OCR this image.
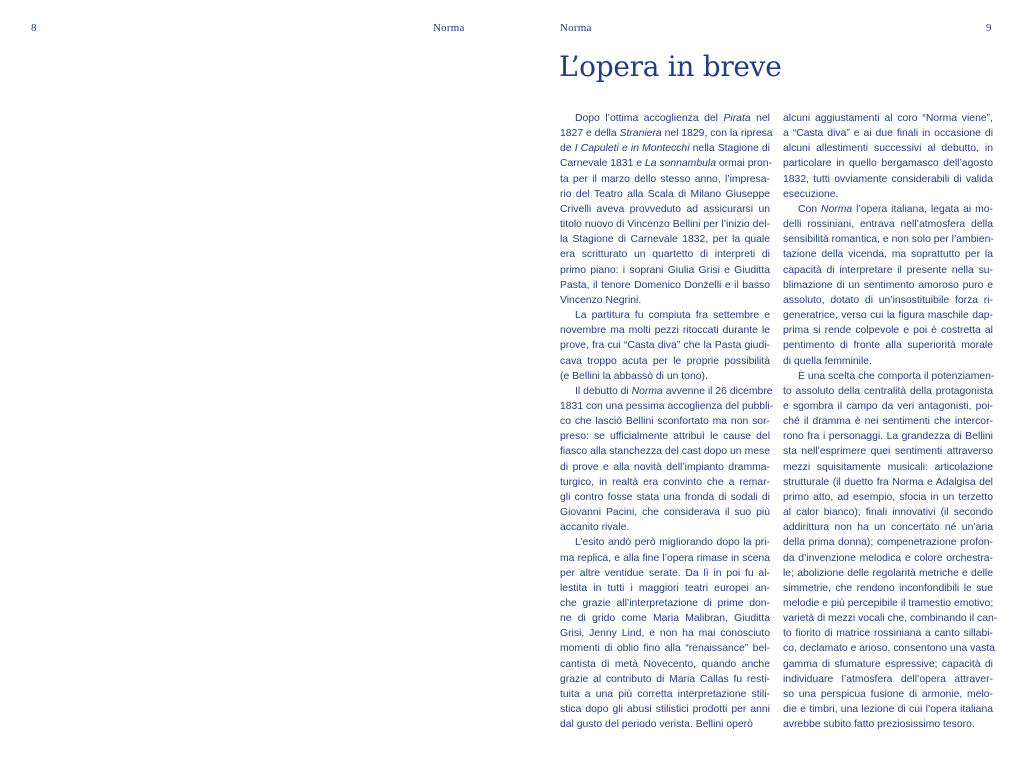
8	Norma	Norma	9
L’opera in breve
Dopo l’ottima accoglienza del Pirata nel
1827 e della Straniera nel 1829, con la ripresa
de I Capuleti e in Montecchi nella Stagione di
Carnevale 1831 e La sonnambula ormai pron-
ta per il marzo dello stesso anno, l’impresa-
rio del Teatro alla Scala di Milano Giuseppe
Crivelli aveva provveduto ad assicurarsi un
titolo nuovo di Vincenzo Bellini per l’inizio del-
la Stagione di Carnevale 1832, per la quale
era scritturato un quartetto di interpreti di
primo piano: i soprani Giulia Grisi e Giuditta
Pasta, il tenore Domenico Donzelli e il basso
Vincenzo Negrini.
La partitura fu compiuta fra settembre e
novembre ma molti pezzi ritoccati durante le
prove, fra cui “Casta diva” che la Pasta giudi-
cava troppo acuta per le proprie possibilità
(e Bellini la abbassò di un tono).
Il debutto di Norma avvenne il 26 dicembre
1831 con una pessima accoglienza del pubbli-
co che lasciò Bellini sconfortato ma non sor-
preso: se ufficialmente attribuì le cause del
fiasco alla stanchezza del cast dopo un mese
di prove e alla novità dell’impianto dramma-
turgico, in realtà era convinto che a remar-
gli contro fosse stata una fronda di sodali di
Giovanni Pacini, che considerava il suo più
accanito rivale.
L’esito andò però migliorando dopo la pri-
ma replica, e alla fine l’opera rimase in scena
per altre ventidue serate. Da lì in poi fu al-
lestita in tutti i maggiori teatri europei an-
che grazie all’interpretazione di prime don-
ne di grido come Maria Malibran, Giuditta
Grisi, Jenny Lind, e non ha mai conosciuto
momenti di oblio fino alla “renaissance” bel-
cantista di metà Novecento, quando anche
grazie al contributo di Maria Callas fu resti-
tuita a una più corretta interpretazione stili-
stica dopo gli abusi stilistici prodotti per anni
dal gusto del periodo verista. Bellini operò
alcuni aggiustamenti al coro “Norma viene”,
a “Casta diva” e ai due finali in occasione di
alcuni allestimenti successivi al debutto, in
particolare in quello bergamasco dell’agosto
1832, tutti ovviamente considerabili di valida
esecuzione.
Con Norma l’opera italiana, legata ai mo-
delli rossiniani, entrava nell’atmosfera della
sensibilità romantica, e non solo per l’ambien-
tazione della vicenda, ma soprattutto per la
capacità di interpretare il presente nella su-
blimazione di un sentimento amoroso puro e
assoluto, dotato di un’insostituibile forza ri-
generatrice, verso cui la figura maschile dap-
prima si rende colpevole e poi è costretta al
pentimento di fronte alla superiorità morale
di quella femminile.
È una scelta che comporta il potenziamen-
to assoluto della centralità della protagonista
e sgombra il campo da veri antagonisti, poi-
ché il dramma è nei sentimenti che intercor-
rono fra i personaggi. La grandezza di Bellini
sta nell’esprimere quei sentimenti attraverso
mezzi squisitamente musicali: articolazione
strutturale (il duetto fra Norma e Adalgisa del
primo atto, ad esempio, sfocia in un terzetto
al calor bianco); finali innovativi (il secondo
addirittura non ha un concertato né un’aria
della prima donna); compenetrazione profon-
da d’invenzione melodica e colore orchestra-
le; abolizione delle regolarità metriche e delle
simmetrie, che rendono inconfondibili le sue
melodie e più percepibile il tramestio emotivo;
varietà di mezzi vocali che, combinando il can-
to fiorito di matrice rossiniana a canto sillabi-
co, declamato e arioso, consentono una vasta
gamma di sfumature espressive; capacità di
individuare l’atmosfera dell’opera attraver-
so una perspicua fusione di armonie, melo-
die e timbri, una lezione di cui l’opera italiana
avrebbe subito fatto preziosissimo tesoro.
